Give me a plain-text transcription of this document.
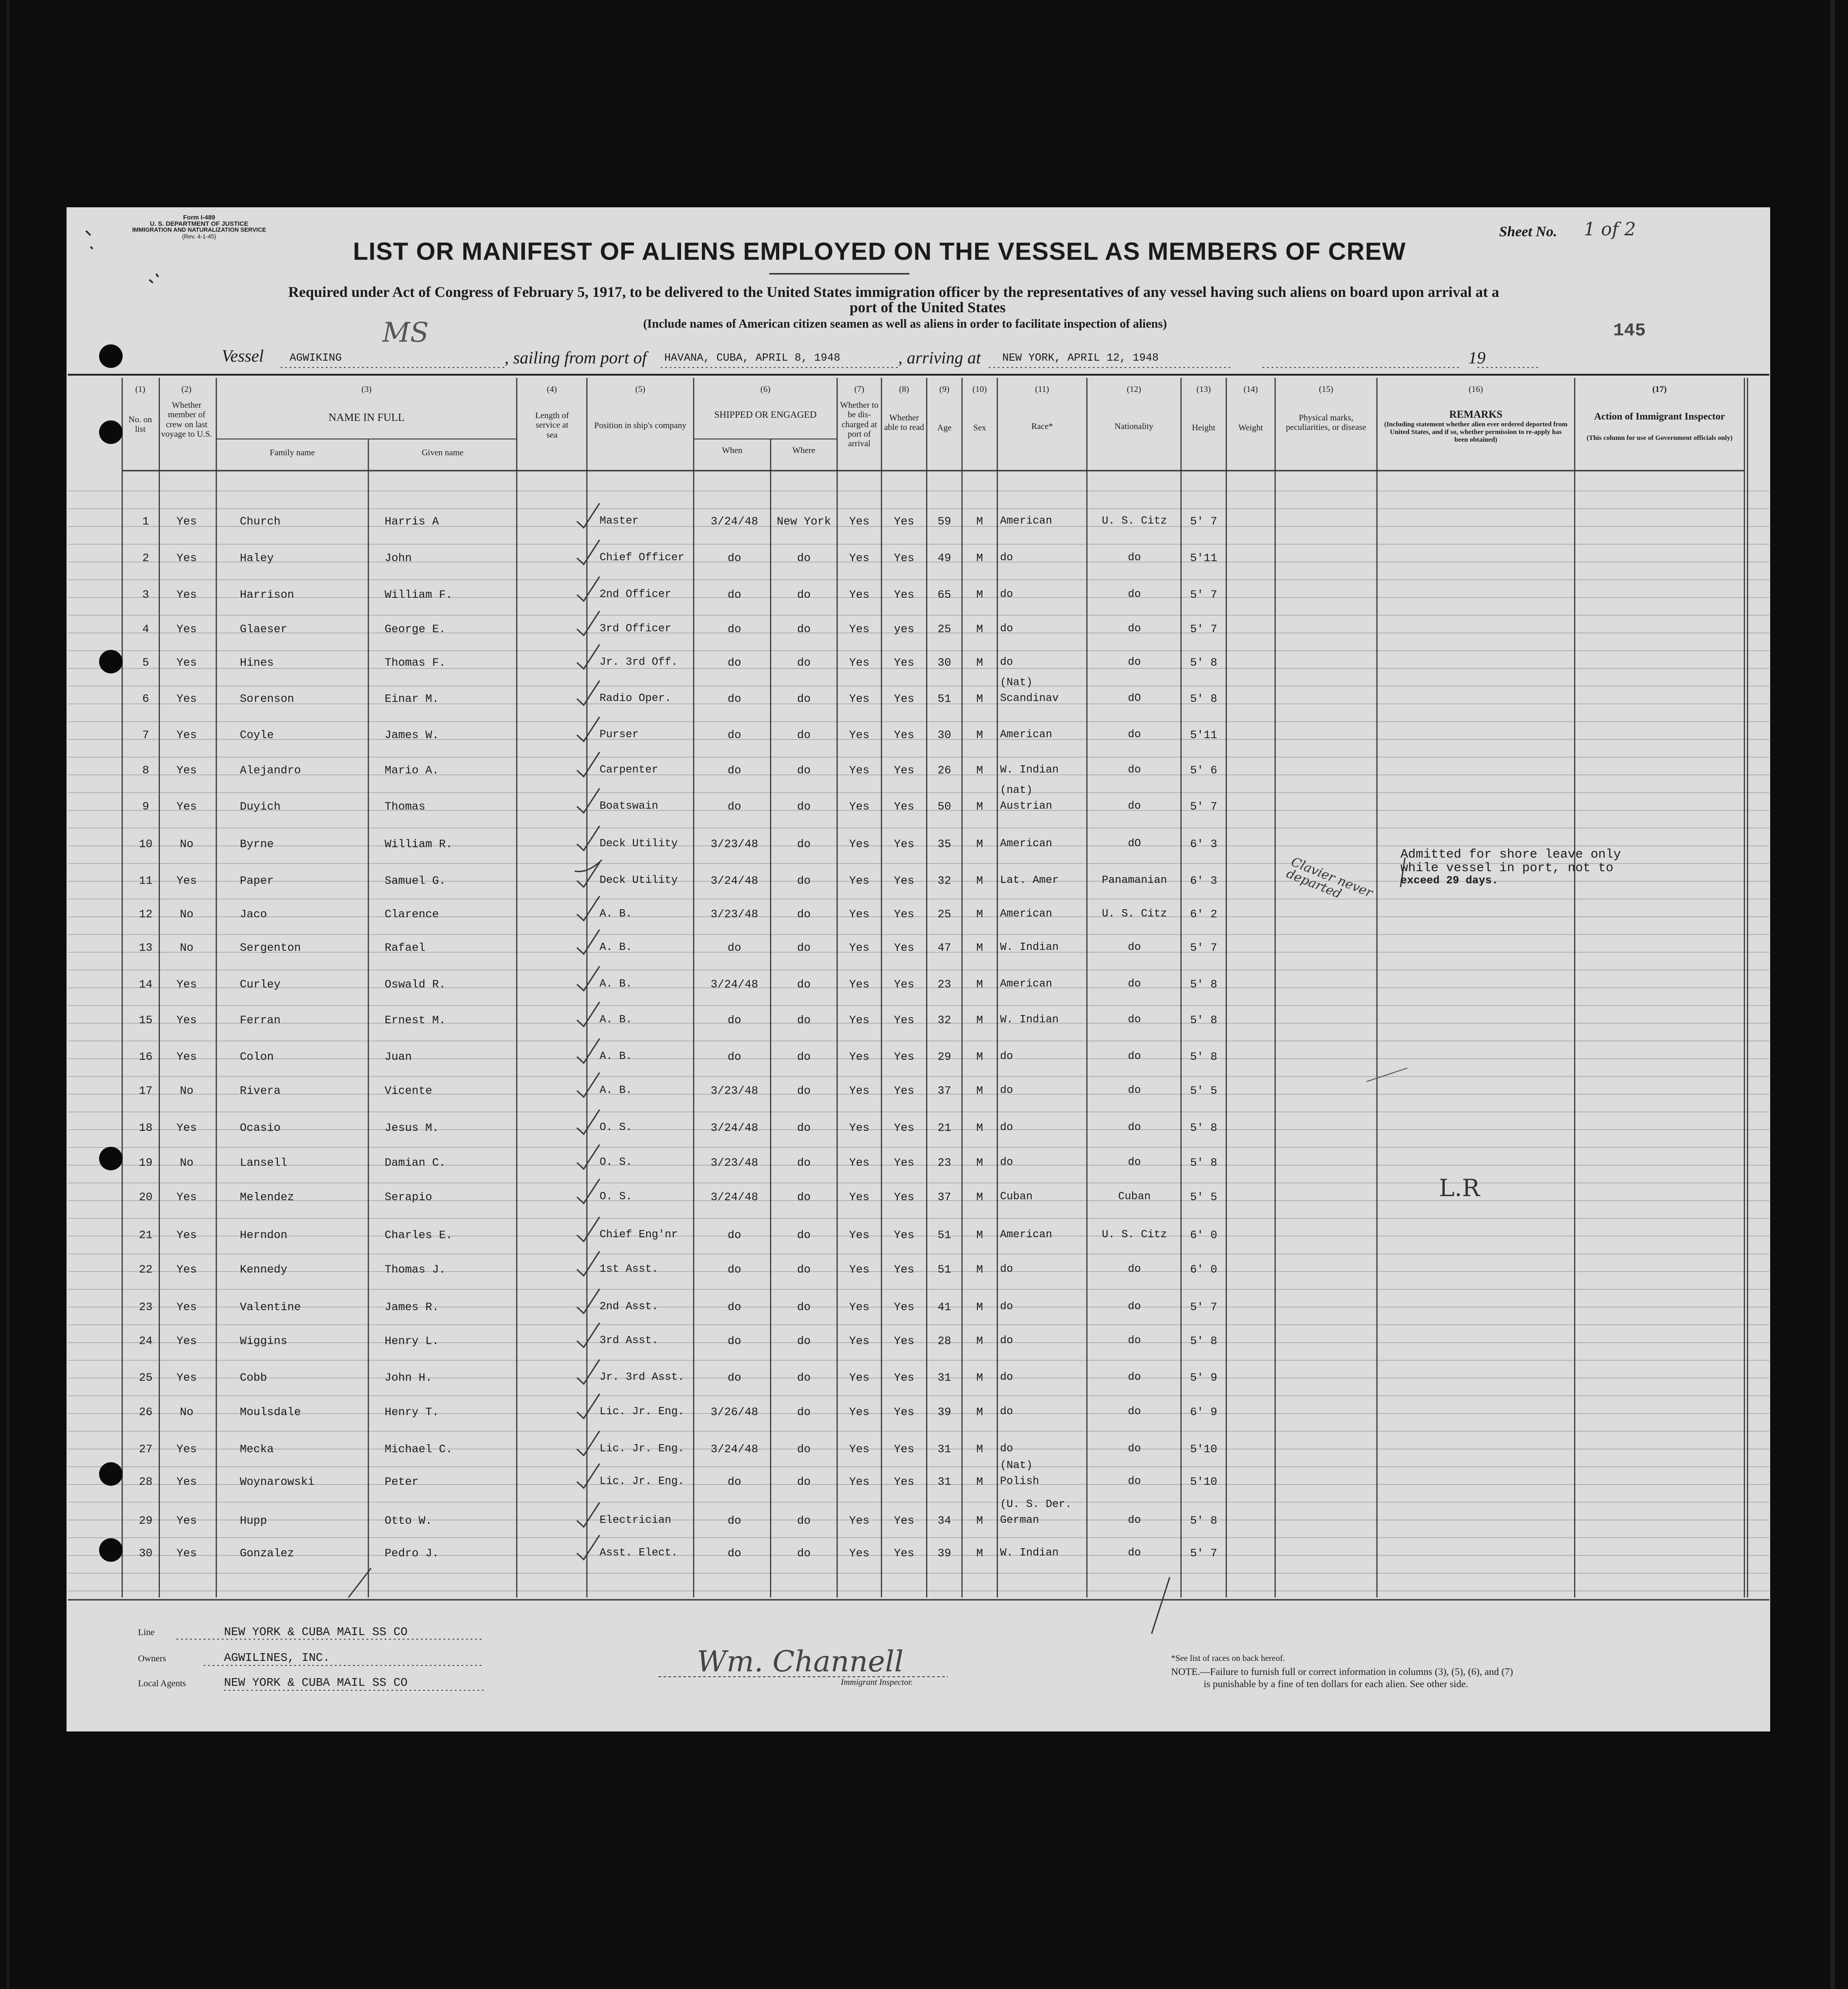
Form I-489
U. S. DEPARTMENT OF JUSTICE
IMMIGRATION AND NATURALIZATION SERVICE
(Rev. 4-1-45)
LIST OR MANIFEST OF ALIENS EMPLOYED ON THE VESSEL AS MEMBERS OF CREW
Sheet No. 1 of 2
Required under Act of Congress of February 5, 1917, to be delivered to the United States immigration officer by the representatives of any vessel having such aliens on board upon arrival at a
port of the United States
(Include names of American citizen seamen as well as aliens in order to facilitate inspection of aliens)	145
Vessel AGWIKING
MS
, sailing from port of HAVANA, CUBA, APRIL 8, 1948	, arriving at NEW YORK, APRIL 12, 1948	19
(1)
No. on list
(2)
Whether member of crew on last voyage to U.S.
(3)
NAME IN FULL
Family name	Given name
(4)
Length of service at sea
(5)
Position in ship's company
(6)
SHIPPED OR ENGAGED
When	Where
(7)
Whether to be dis- charged at port of arrival
(8)
Whether able to read
(9)
Age
(10)
Sex
(11)
Race*
(12)
Nationality
(13)
Height
(14)
Weight
(15)
Physical marks, peculiarities, or disease
(16)
REMARKS
(Including statement whether alien ever ordered deported from United States, and if so, whether permission to re-apply has been obtained)
(17)
Action of Immigrant Inspector
(This column for use of Government officials only)
1	Yes	Church	Harris A	Master	3/24/48	New York	Yes	Yes	59	M	American	U. S. Citz	5' 7
2	Yes	Haley	John	Chief Officer	do	do	Yes	Yes	49	M	do	do	5'11
3	Yes	Harrison	William F.	2nd Officer	do	do	Yes	Yes	65	M	do	do	5' 7
4	Yes	Glaeser	George E.	3rd Officer	do	do	Yes	yes	25	M	do	do	5' 7
5	Yes	Hines	Thomas F.	Jr. 3rd Off.	do	do	Yes	Yes	30	M	do	do	5' 8
6	Yes	Sorenson	Einar M.	Radio Oper.	do	do	Yes	Yes	51	M	Scandinav	dO	5' 8
(Nat)
7	Yes	Coyle	James W.	Purser	do	do	Yes	Yes	30	M	American	do	5'11
8	Yes	Alejandro	Mario A.	Carpenter	do	do	Yes	Yes	26	M	W. Indian	do	5' 6
9	Yes	Duyich	Thomas	Boatswain	do	do	Yes	Yes	50	M	Austrian	do	5' 7
(nat)
10	No	Byrne	William R.	Deck Utility	3/23/48	do	Yes	Yes	35	M	American	dO	6' 3
11	Yes	Paper	Samuel G.	Deck Utility	3/24/48	do	Yes	Yes	32	M	Lat. Amer	Panamanian	6' 3
12	No	Jaco	Clarence	A. B.	3/23/48	do	Yes	Yes	25	M	American	U. S. Citz	6' 2
13	No	Sergenton	Rafael	A. B.	do	do	Yes	Yes	47	M	W. Indian	do	5' 7
14	Yes	Curley	Oswald R.	A. B.	3/24/48	do	Yes	Yes	23	M	American	do	5' 8
15	Yes	Ferran	Ernest M.	A. B.	do	do	Yes	Yes	32	M	W. Indian	do	5' 8
16	Yes	Colon	Juan	A. B.	do	do	Yes	Yes	29	M	do	do	5' 8
17	No	Rivera	Vicente	A. B.	3/23/48	do	Yes	Yes	37	M	do	do	5' 5
18	Yes	Ocasio	Jesus M.	O. S.	3/24/48	do	Yes	Yes	21	M	do	do	5' 8
19	No	Lansell	Damian C.	O. S.	3/23/48	do	Yes	Yes	23	M	do	do	5' 8
20	Yes	Melendez	Serapio	O. S.	3/24/48	do	Yes	Yes	37	M	Cuban	Cuban	5' 5
21	Yes	Herndon	Charles E.	Chief Eng'nr	do	do	Yes	Yes	51	M	American	U. S. Citz	6' 0
22	Yes	Kennedy	Thomas J.	1st Asst.	do	do	Yes	Yes	51	M	do	do	6' 0
23	Yes	Valentine	James R.	2nd Asst.	do	do	Yes	Yes	41	M	do	do	5' 7
24	Yes	Wiggins	Henry L.	3rd Asst.	do	do	Yes	Yes	28	M	do	do	5' 8
25	Yes	Cobb	John H.	Jr. 3rd Asst.	do	do	Yes	Yes	31	M	do	do	5' 9
26	No	Moulsdale	Henry T.	Lic. Jr. Eng.	3/26/48	do	Yes	Yes	39	M	do	do	6' 9
27	Yes	Mecka	Michael C.	Lic. Jr. Eng.	3/24/48	do	Yes	Yes	31	M	do	do	5'10
28	Yes	Woynarowski	Peter	Lic. Jr. Eng.	do	do	Yes	Yes	31	M	Polish	do	5'10
(Nat)
29	Yes	Hupp	Otto W.	Electrician	do	do	Yes	Yes	34	M	German	do	5' 8
(U. S. Der.
30	Yes	Gonzalez	Pedro J.	Asst. Elect.	do	do	Yes	Yes	39	M	W. Indian	do	5' 7
Admitted for shore leave only
while vessel in port, not to
exceed 29 days.
Clavier never departed
L.R
Line	NEW YORK & CUBA MAIL SS CO
Owners	AGWILINES, INC.
Local Agents	NEW YORK & CUBA MAIL SS CO
Wm. Channell
Immigrant Inspector.
*See list of races on back hereof.
NOTE.—Failure to furnish full or correct information in columns (3), (5), (6), and (7)
is punishable by a fine of ten dollars for each alien. See other side.
